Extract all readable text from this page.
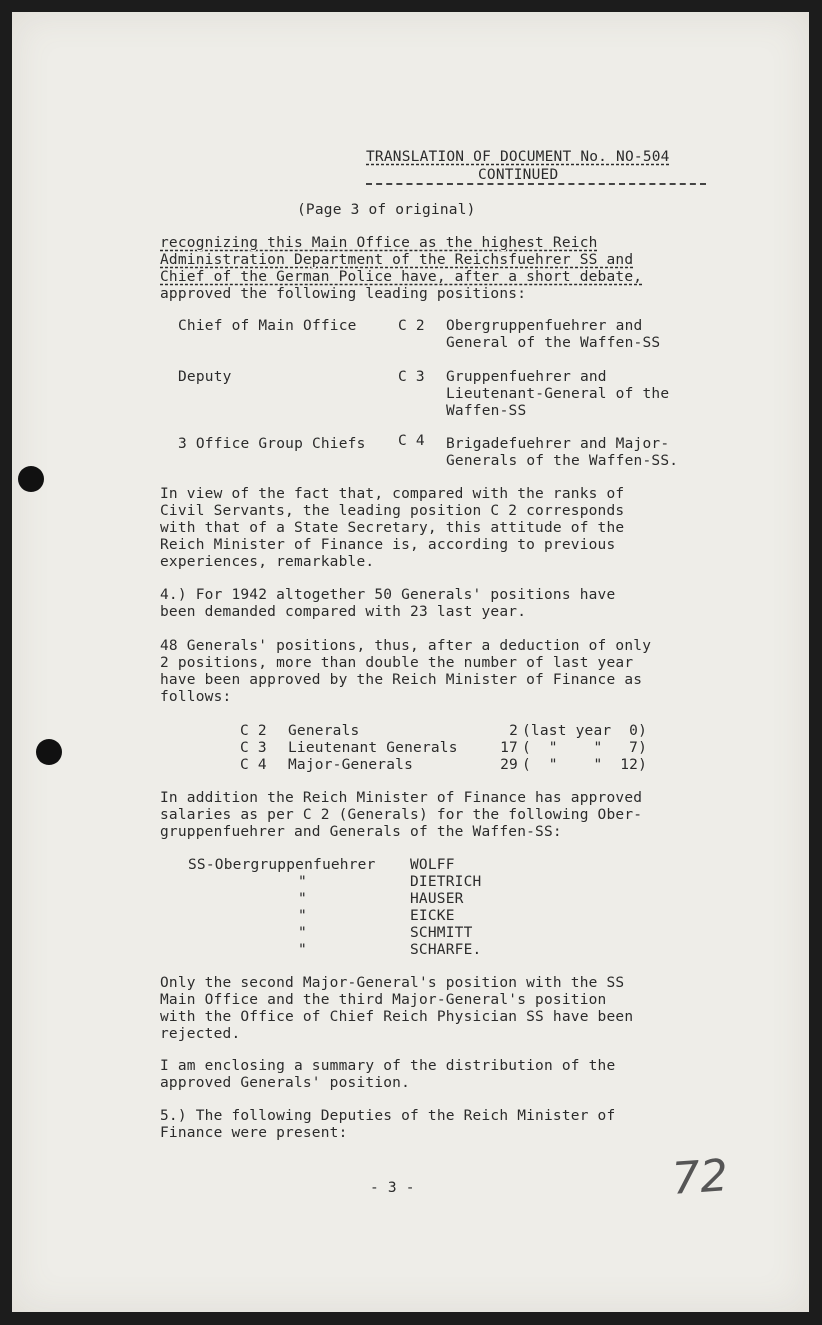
TRANSLATION OF DOCUMENT No. NO-504
CONTINUED
(Page 3 of original)
recognizing this Main Office as the highest Reich
Administration Department of the Reichsfuehrer SS and
Chief of the German Police have, after a short debate,
approved the following leading positions:
Chief of Main Office	C 2 Obergruppenfuehrer and
General of the Waffen-SS
Deputy	C 3 Gruppenfuehrer and
Lieutenant-General of the
Waffen-SS
3 Office Group Chiefs C 4 Brigadefuehrer and Major-
Generals of the Waffen-SS.
In view of the fact that, compared with the ranks of
Civil Servants, the leading position C 2 corresponds
with that of a State Secretary, this attitude of the
Reich Minister of Finance is, according to previous
experiences, remarkable.
4.) For 1942 altogether 50 Generals' positions have
been demanded compared with 23 last year.
48 Generals' positions, thus, after a deduction of only
2 positions, more than double the number of last year
have been approved by the Reich Minister of Finance as
follows:
C 2 Generals	2 (last year  0)
C 3 Lieutenant Generals	17 (  "    "   7)
C 4 Major-Generals	29 (  "    "  12)
In addition the Reich Minister of Finance has approved
salaries as per C 2 (Generals) for the following Ober-
gruppenfuehrer and Generals of the Waffen-SS:
SS-Obergruppenfuehrer WOLFF
"	DIETRICH
"	HAUSER
"	EICKE
"	SCHMITT
"	SCHARFE.
Only the second Major-General's position with the SS
Main Office and the third Major-General's position
with the Office of Chief Reich Physician SS have been
rejected.
I am enclosing a summary of the distribution of the
approved Generals' position.
5.) The following Deputies of the Reich Minister of
Finance were present:
- 3 -	72
